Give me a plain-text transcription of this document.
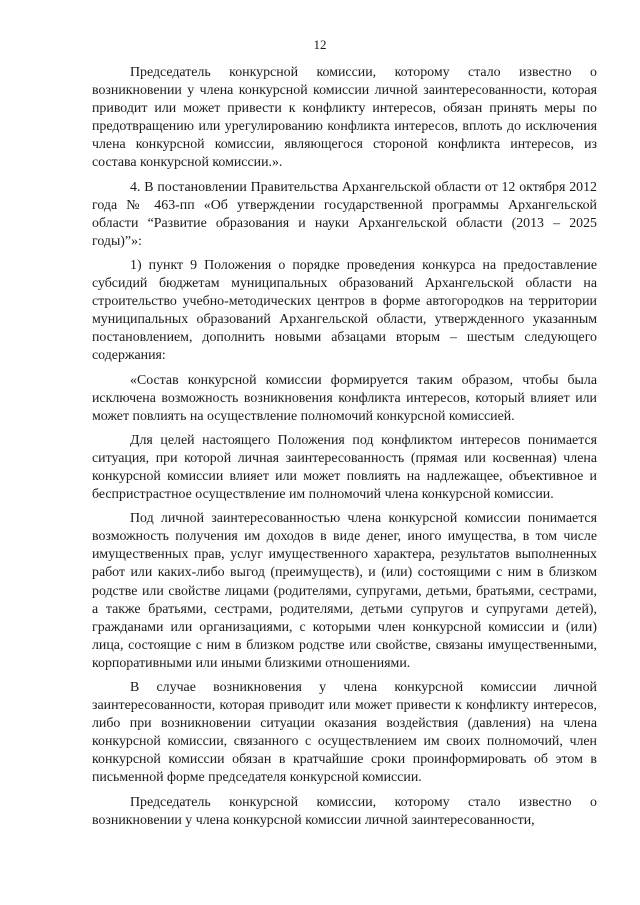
12

Председатель конкурсной комиссии, которому стало известно о возникновении у члена конкурсной комиссии личной заинтересованности, которая приводит или может привести к конфликту интересов, обязан принять меры по предотвращению или урегулированию конфликта интересов, вплоть до исключения члена конкурсной комиссии, являющегося стороной конфликта интересов, из состава конкурсной комиссии.».

4. В постановлении Правительства Архангельской области от 12 октября 2012 года № 463-пп «Об утверждении государственной программы Архангельской области “Развитие образования и науки Архангельской области (2013 – 2025 годы)”»:

1) пункт 9 Положения о порядке проведения конкурса на предоставление субсидий бюджетам муниципальных образований Архангельской области на строительство учебно-методических центров в форме автогородков на территории муниципальных образований Архангельской области, утвержденного указанным постановлением, дополнить новыми абзацами вторым – шестым следующего содержания:

«Состав конкурсной комиссии формируется таким образом, чтобы была исключена возможность возникновения конфликта интересов, который влияет или может повлиять на осуществление полномочий конкурсной комиссией.

Для целей настоящего Положения под конфликтом интересов понимается ситуация, при которой личная заинтересованность (прямая или косвенная) члена конкурсной комиссии влияет или может повлиять на надлежащее, объективное и беспристрастное осуществление им полномочий члена конкурсной комиссии.

Под личной заинтересованностью члена конкурсной комиссии понимается возможность получения им доходов в виде денег, иного имущества, в том числе имущественных прав, услуг имущественного характера, результатов выполненных работ или каких-либо выгод (преимуществ), и (или) состоящими с ним в близком родстве или свойстве лицами (родителями, супругами, детьми, братьями, сестрами, а также братьями, сестрами, родителями, детьми супругов и супругами детей), гражданами или организациями, с которыми член конкурсной комиссии и (или) лица, состоящие с ним в близком родстве или свойстве, связаны имущественными, корпоративными или иными близкими отношениями.

В случае возникновения у члена конкурсной комиссии личной заинтересованности, которая приводит или может привести к конфликту интересов, либо при возникновении ситуации оказания воздействия (давления) на члена конкурсной комиссии, связанного с осуществлением им своих полномочий, член конкурсной комиссии обязан в кратчайшие сроки проинформировать об этом в письменной форме председателя конкурсной комиссии.

Председатель конкурсной комиссии, которому стало известно о возникновении у члена конкурсной комиссии личной заинтересованности,
